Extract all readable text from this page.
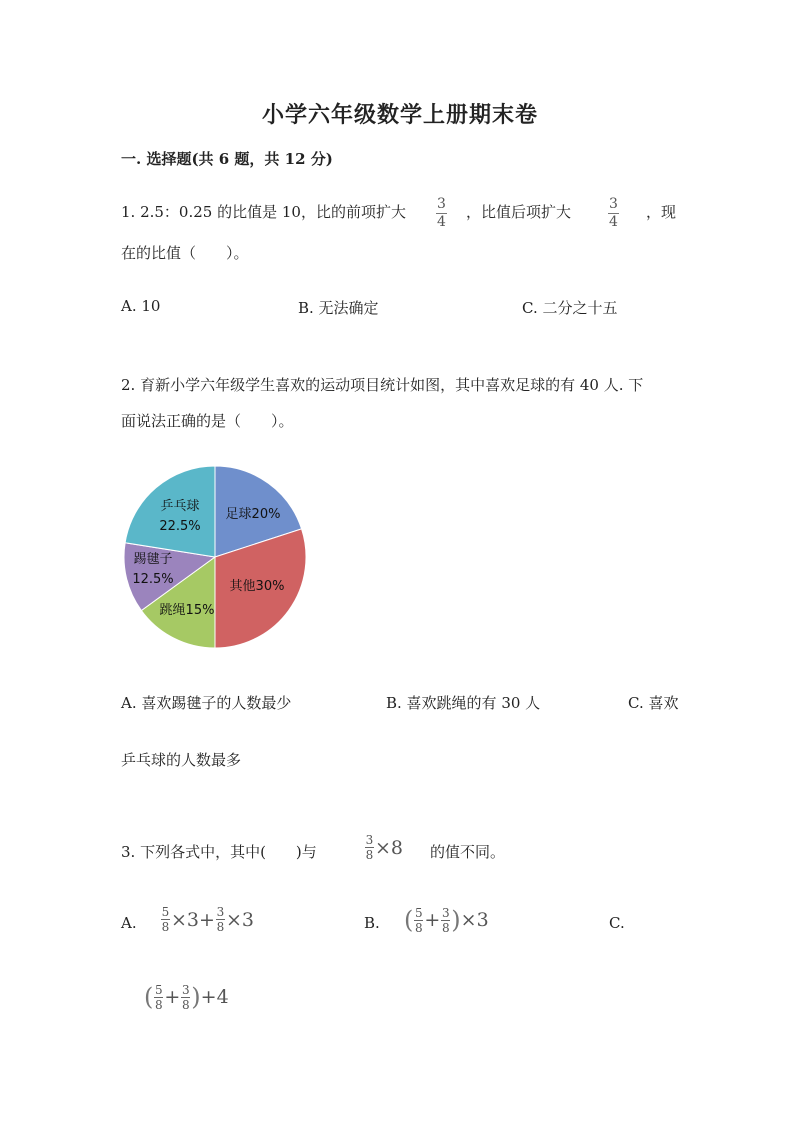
小学六年级数学上册期末卷
一. 选择题(共 6 题，共 12 分)
1. 2.5：0.25 的比值是 10，比的前项扩大 3
4
，比值后项扩大	3
4
，现
在的比值（　　）。
A. 10	B. 无法确定	C. 二分之十五
2. 育新小学六年级学生喜欢的运动项目统计如图，其中喜欢足球的有 40 人. 下
面说法正确的是（　　）。
足球20%
其他30%
跳绳15%
踢毽子 12.5%
乒乓球 22.5%
A. 喜欢踢毽子的人数最少	B. 喜欢跳绳的有 30 人	C. 喜欢
乒乓球的人数最多
3. 下列各式中，其中(　　)与
3
8 ×8 的值不同。
A.
5
8 ×3+ 3
8 ×3	B. ( 5
8 + 3
8 ) ×3	C.
( 5
8 + 3
8 ) +4
